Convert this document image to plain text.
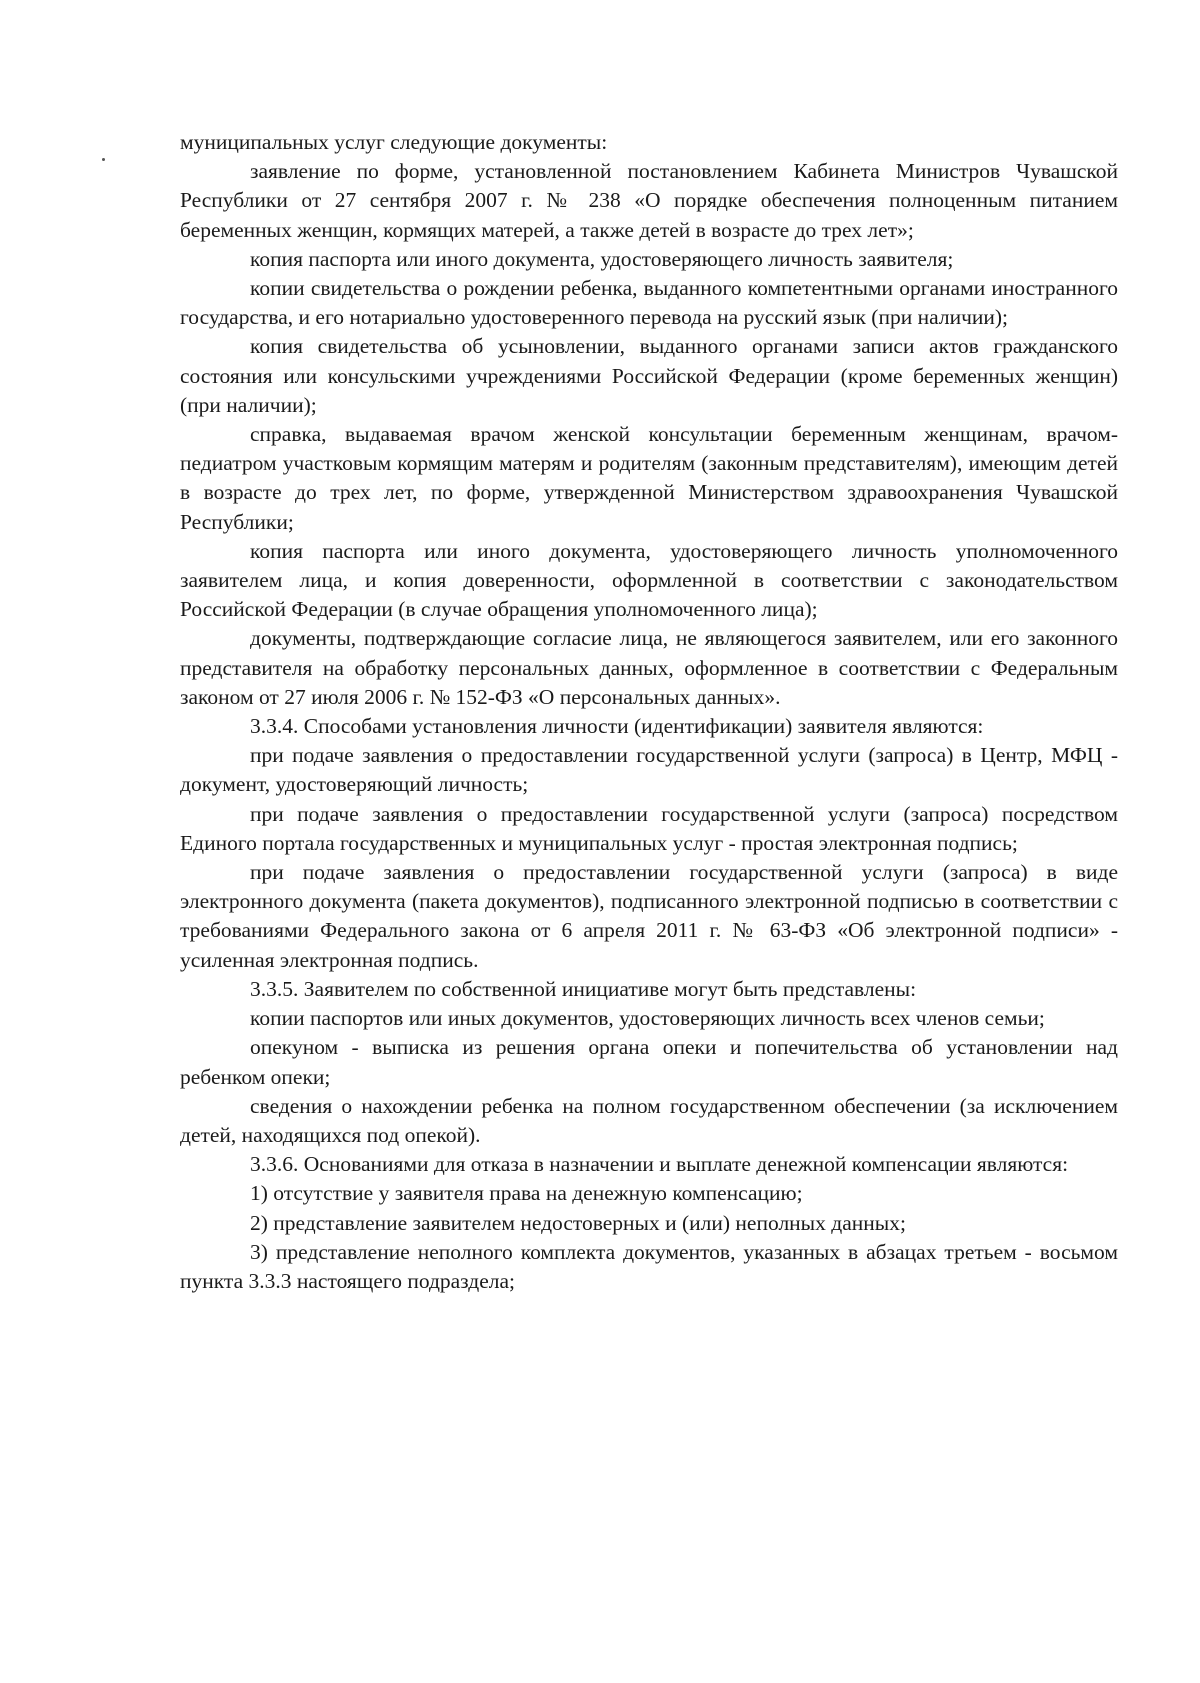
муниципальных услуг следующие документы:

заявление по форме, установленной постановлением Кабинета Министров Чувашской Республики от 27 сентября 2007 г. № 238 «О порядке обеспечения полноценным питанием беременных женщин, кормящих матерей, а также детей в возрасте до трех лет»;

копия паспорта или иного документа, удостоверяющего личность заявителя;

копии свидетельства о рождении ребенка, выданного компетентными органами иностранного государства, и его нотариально удостоверенного перевода на русский язык (при наличии);

копия свидетельства об усыновлении, выданного органами записи актов гражданского состояния или консульскими учреждениями Российской Федерации (кроме беременных женщин) (при наличии);

справка, выдаваемая врачом женской консультации беременным женщинам, врачом-педиатром участковым кормящим матерям и родителям (законным представителям), имеющим детей в возрасте до трех лет, по форме, утвержденной Министерством здравоохранения Чувашской Республики;

копия паспорта или иного документа, удостоверяющего личность уполномоченного заявителем лица, и копия доверенности, оформленной в соответствии с законодательством Российской Федерации (в случае обращения уполномоченного лица);

документы, подтверждающие согласие лица, не являющегося заявителем, или его законного представителя на обработку персональных данных, оформленное в соответствии с Федеральным законом от 27 июля 2006 г. № 152-ФЗ «О персональных данных».

3.3.4. Способами установления личности (идентификации) заявителя являются:

при подаче заявления о предоставлении государственной услуги (запроса) в Центр, МФЦ - документ, удостоверяющий личность;

при подаче заявления о предоставлении государственной услуги (запроса) посредством Единого портала государственных и муниципальных услуг - простая электронная подпись;

при подаче заявления о предоставлении государственной услуги (запроса) в виде электронного документа (пакета документов), подписанного электронной подписью в соответствии с требованиями Федерального закона от 6 апреля 2011 г. № 63-ФЗ «Об электронной подписи» - усиленная электронная подпись.

3.3.5. Заявителем по собственной инициативе могут быть представлены:

копии паспортов или иных документов, удостоверяющих личность всех членов семьи;

опекуном - выписка из решения органа опеки и попечительства об установлении над ребенком опеки;

сведения о нахождении ребенка на полном государственном обеспечении (за исключением детей, находящихся под опекой).

3.3.6. Основаниями для отказа в назначении и выплате денежной компенсации являются:

1) отсутствие у заявителя права на денежную компенсацию;

2) представление заявителем недостоверных и (или) неполных данных;

3) представление неполного комплекта документов, указанных в абзацах третьем - восьмом пункта 3.3.3 настоящего подраздела;
